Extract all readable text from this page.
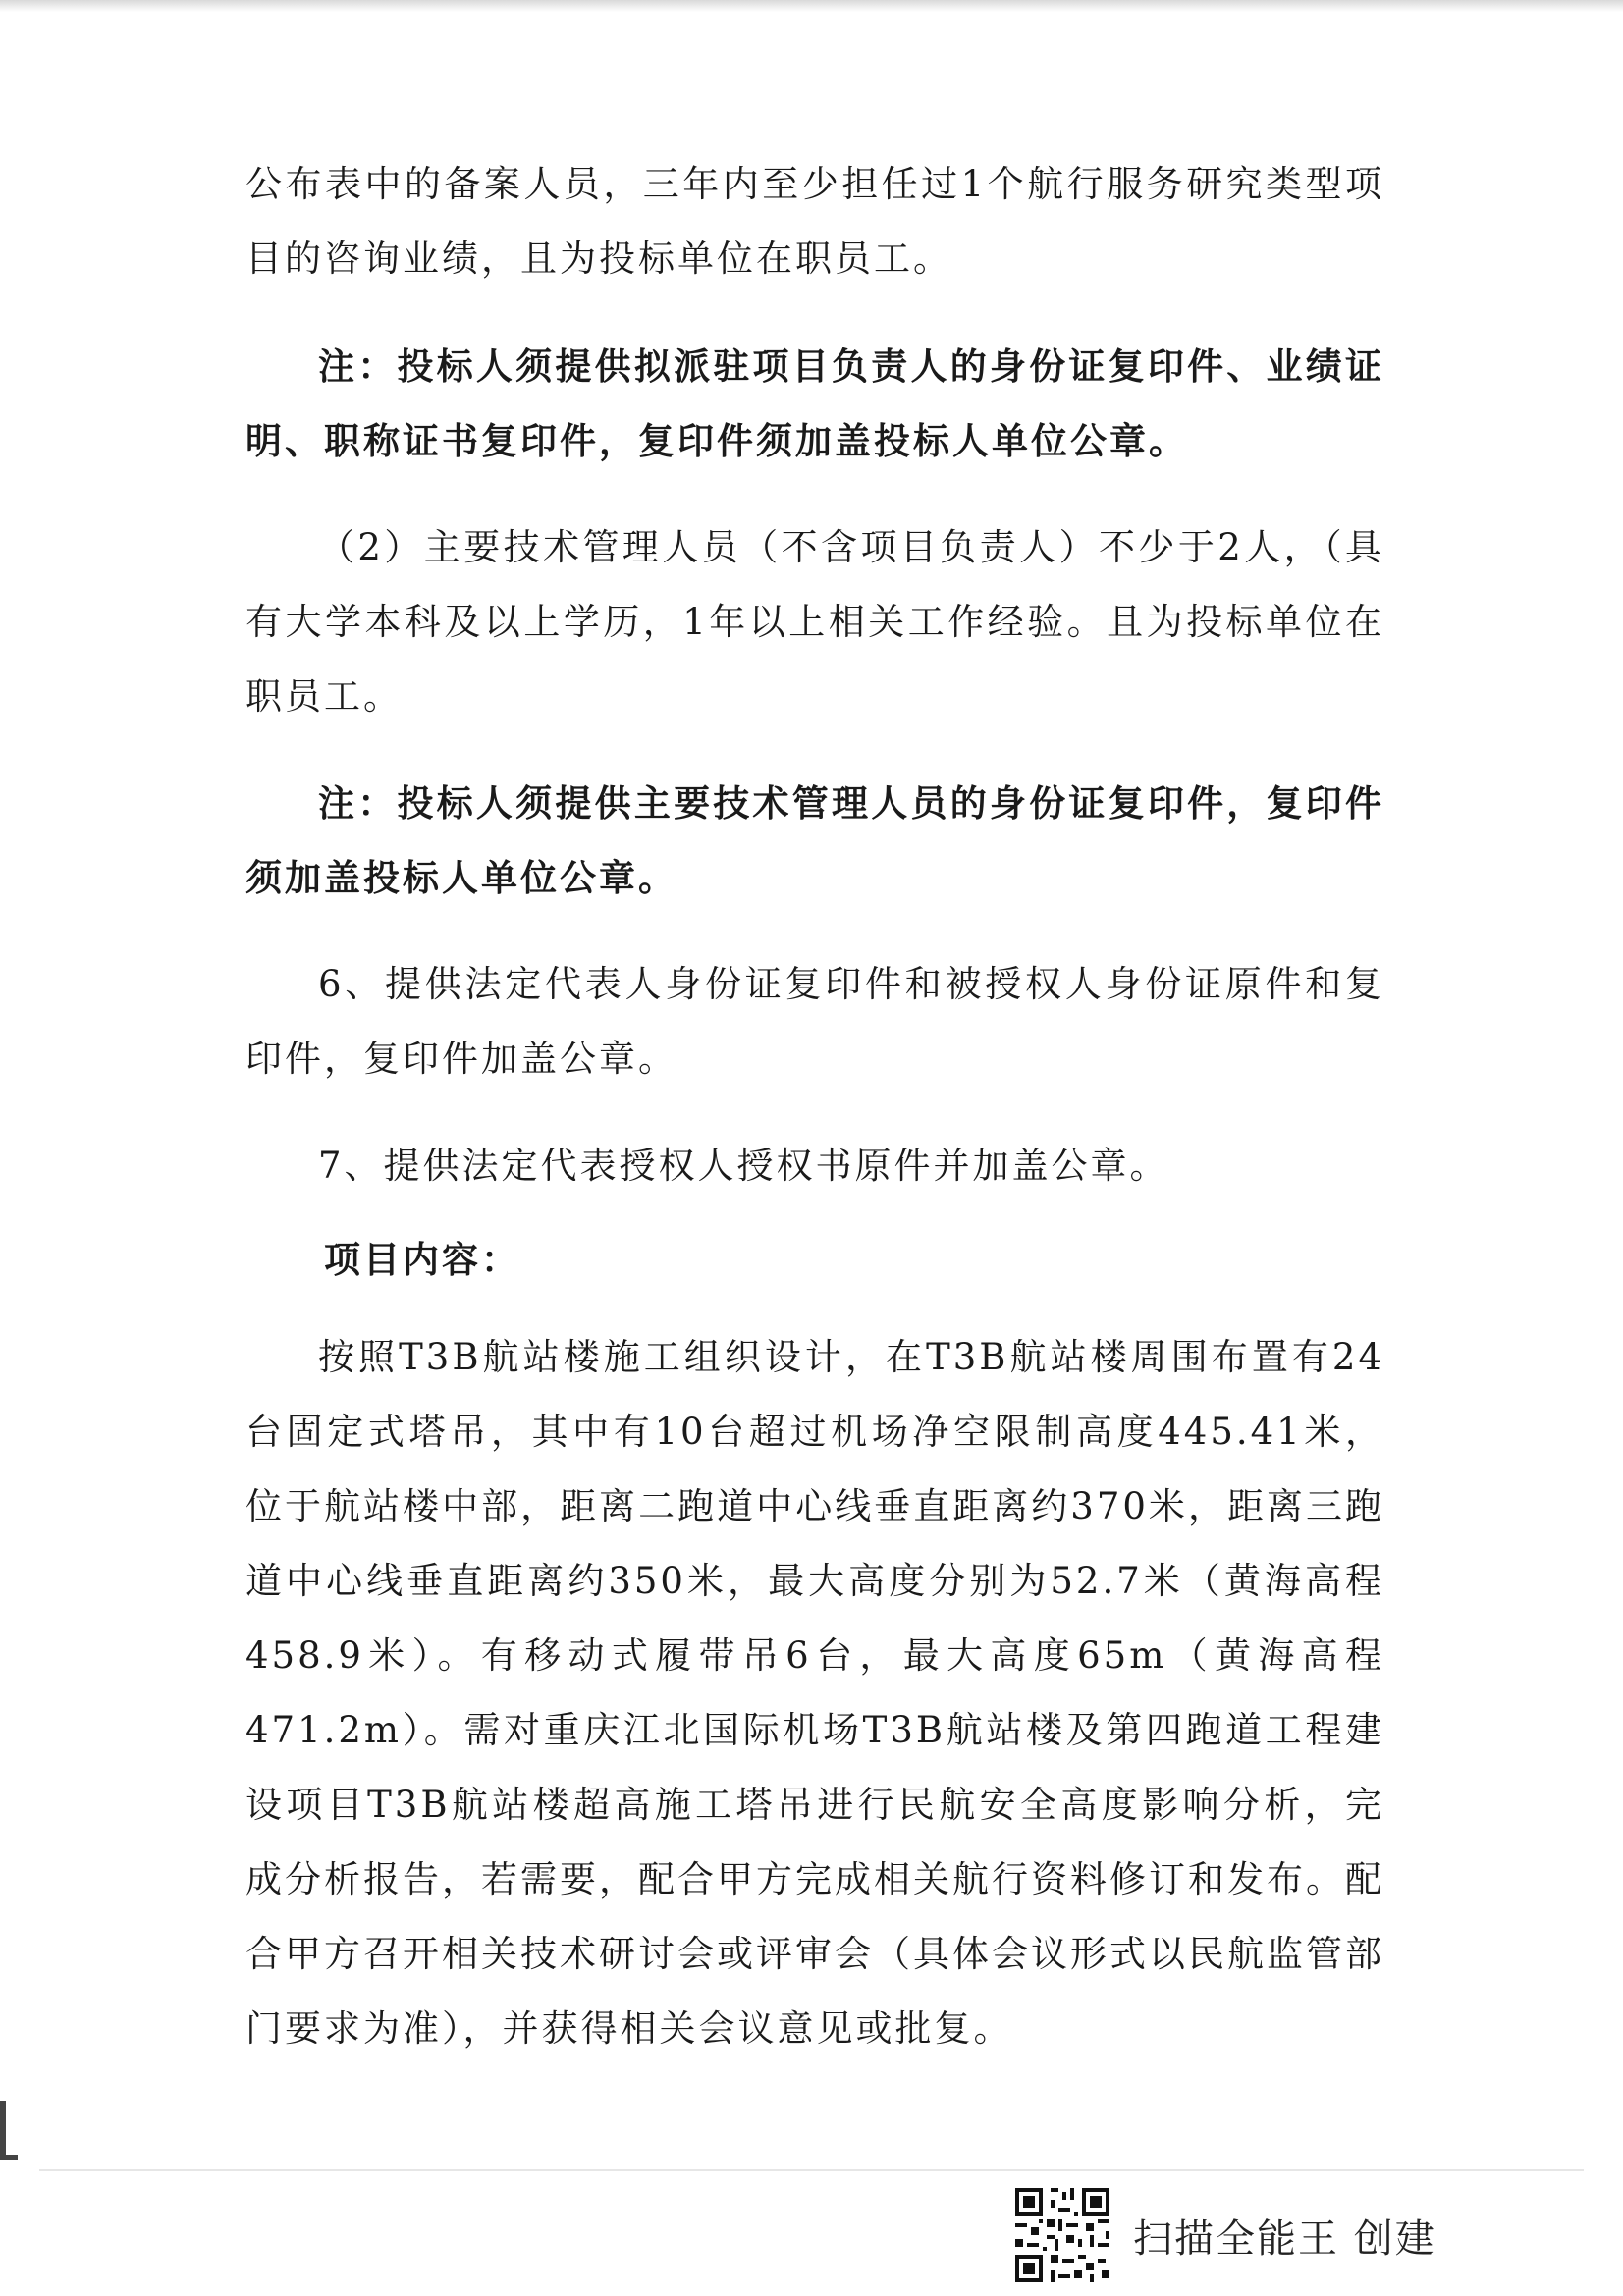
公布表中的备案人员，三年内至少担任过1个航行服务研究类型项目的咨询业绩，且为投标单位在职员工。

注：投标人须提供拟派驻项目负责人的身份证复印件、业绩证明、职称证书复印件，复印件须加盖投标人单位公章。

（2）主要技术管理人员（不含项目负责人）不少于2人，（具有大学本科及以上学历，1年以上相关工作经验。且为投标单位在职员工。

注：投标人须提供主要技术管理人员的身份证复印件，复印件须加盖投标人单位公章。

6、提供法定代表人身份证复印件和被授权人身份证原件和复印件，复印件加盖公章。

7、提供法定代表授权人授权书原件并加盖公章。

项目内容：

按照T3B航站楼施工组织设计，在T3B航站楼周围布置有24台固定式塔吊，其中有10台超过机场净空限制高度445.41米，位于航站楼中部，距离二跑道中心线垂直距离约370米，距离三跑道中心线垂直距离约350米，最大高度分别为52.7米（黄海高程458.9米）。有移动式履带吊6台，最大高度65m（黄海高程471.2m）。需对重庆江北国际机场T3B航站楼及第四跑道工程建设项目T3B航站楼超高施工塔吊进行民航安全高度影响分析，完成分析报告，若需要，配合甲方完成相关航行资料修订和发布。配合甲方召开相关技术研讨会或评审会（具体会议形式以民航监管部门要求为准），并获得相关会议意见或批复。

扫描全能王 创建
